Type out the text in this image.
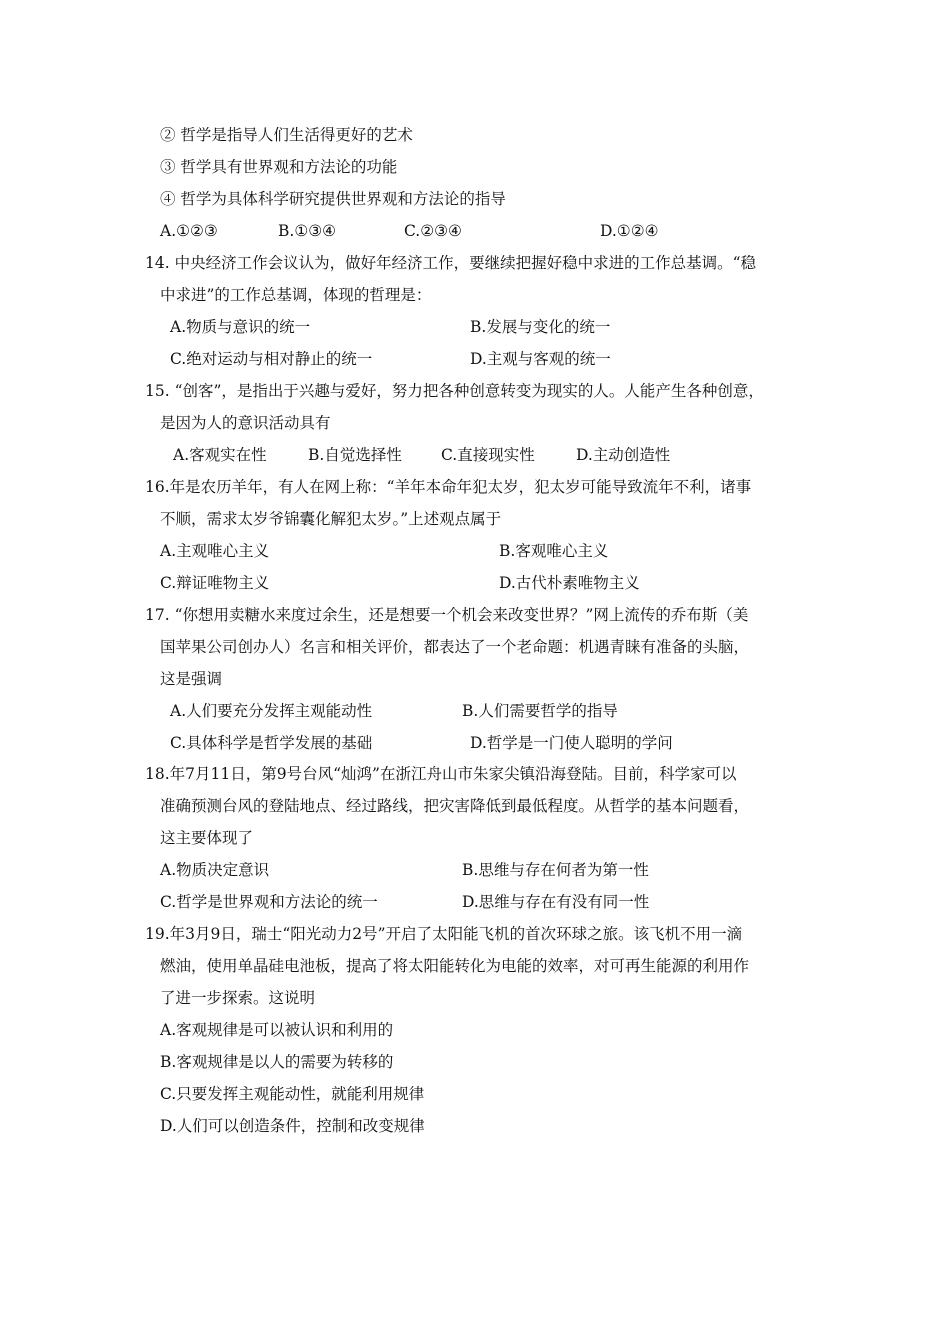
② 哲学是指导人们生活得更好的艺术
③ 哲学具有世界观和方法论的功能
④ 哲学为具体科学研究提供世界观和方法论的指导
A.①②③	B.①③④	C.②③④	D.①②④
14. 中央经济工作会议认为，做好年经济工作，要继续把握好稳中求进的工作总基调。“稳
中求进”的工作总基调，体现的哲理是：
A.物质与意识的统一	B.发展与变化的统一
C.绝对运动与相对静止的统一	D.主观与客观的统一
15. “创客”，是指出于兴趣与爱好，努力把各种创意转变为现实的人。人能产生各种创意，
是因为人的意识活动具有
A.客观实在性	B.自觉选择性	C.直接现实性	D.主动创造性
16.年是农历羊年，有人在网上称：“羊年本命年犯太岁，犯太岁可能导致流年不利，诸事
不顺，需求太岁爷锦囊化解犯太岁。”上述观点属于
A.主观唯心主义	B.客观唯心主义
C.辩证唯物主义	D.古代朴素唯物主义
17. “你想用卖糖水来度过余生，还是想要一个机会来改变世界？”网上流传的乔布斯（美
国苹果公司创办人）名言和相关评价，都表达了一个老命题：机遇青睐有准备的头脑，
这是强调
A.人们要充分发挥主观能动性	B.人们需要哲学的指导
C.具体科学是哲学发展的基础	D.哲学是一门使人聪明的学问
18.年7月11日，第9号台风“灿鸿”在浙江舟山市朱家尖镇沿海登陆。目前，科学家可以
准确预测台风的登陆地点、经过路线，把灾害降低到最低程度。从哲学的基本问题看，
这主要体现了
A.物质决定意识	B.思维与存在何者为第一性
C.哲学是世界观和方法论的统一	D.思维与存在有没有同一性
19.年3月9日，瑞士“阳光动力2号”开启了太阳能飞机的首次环球之旅。该飞机不用一滴
燃油，使用单晶硅电池板，提高了将太阳能转化为电能的效率，对可再生能源的利用作
了进一步探索。这说明
A.客观规律是可以被认识和利用的
B.客观规律是以人的需要为转移的
C.只要发挥主观能动性，就能利用规律
D.人们可以创造条件，控制和改变规律
